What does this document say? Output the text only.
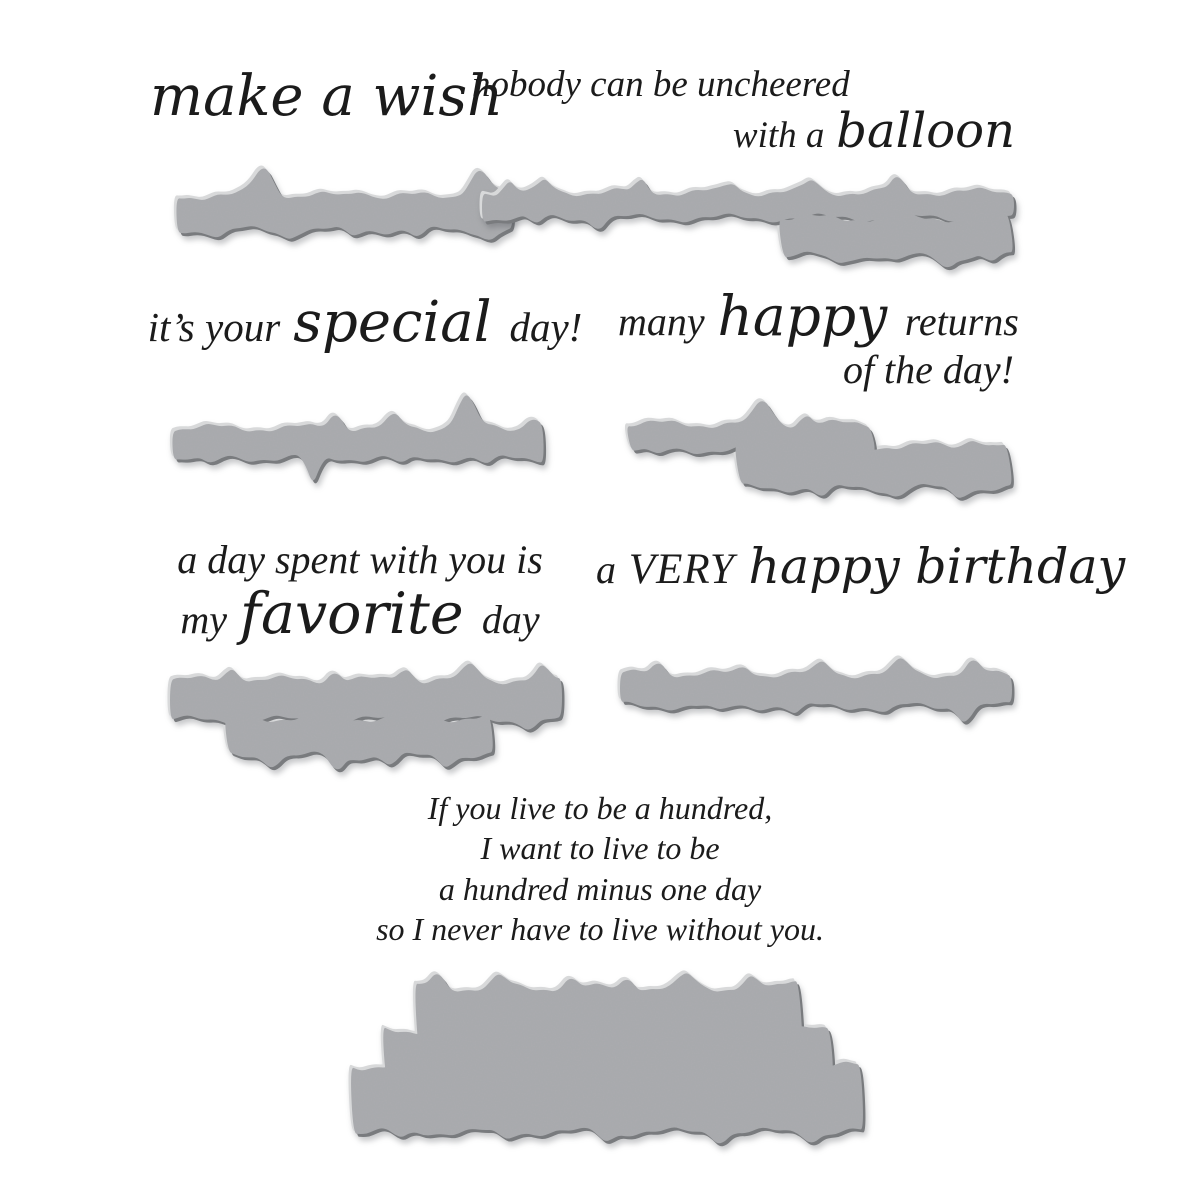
make a wish
nobody can be uncheered
with a balloon
it’s your special day! many happy returns
of the day!
a day spent with you is
my favorite day
a VERY happy birthday
If you live to be a hundred,
I want to live to be
a hundred minus one day
so I never have to live without you.
